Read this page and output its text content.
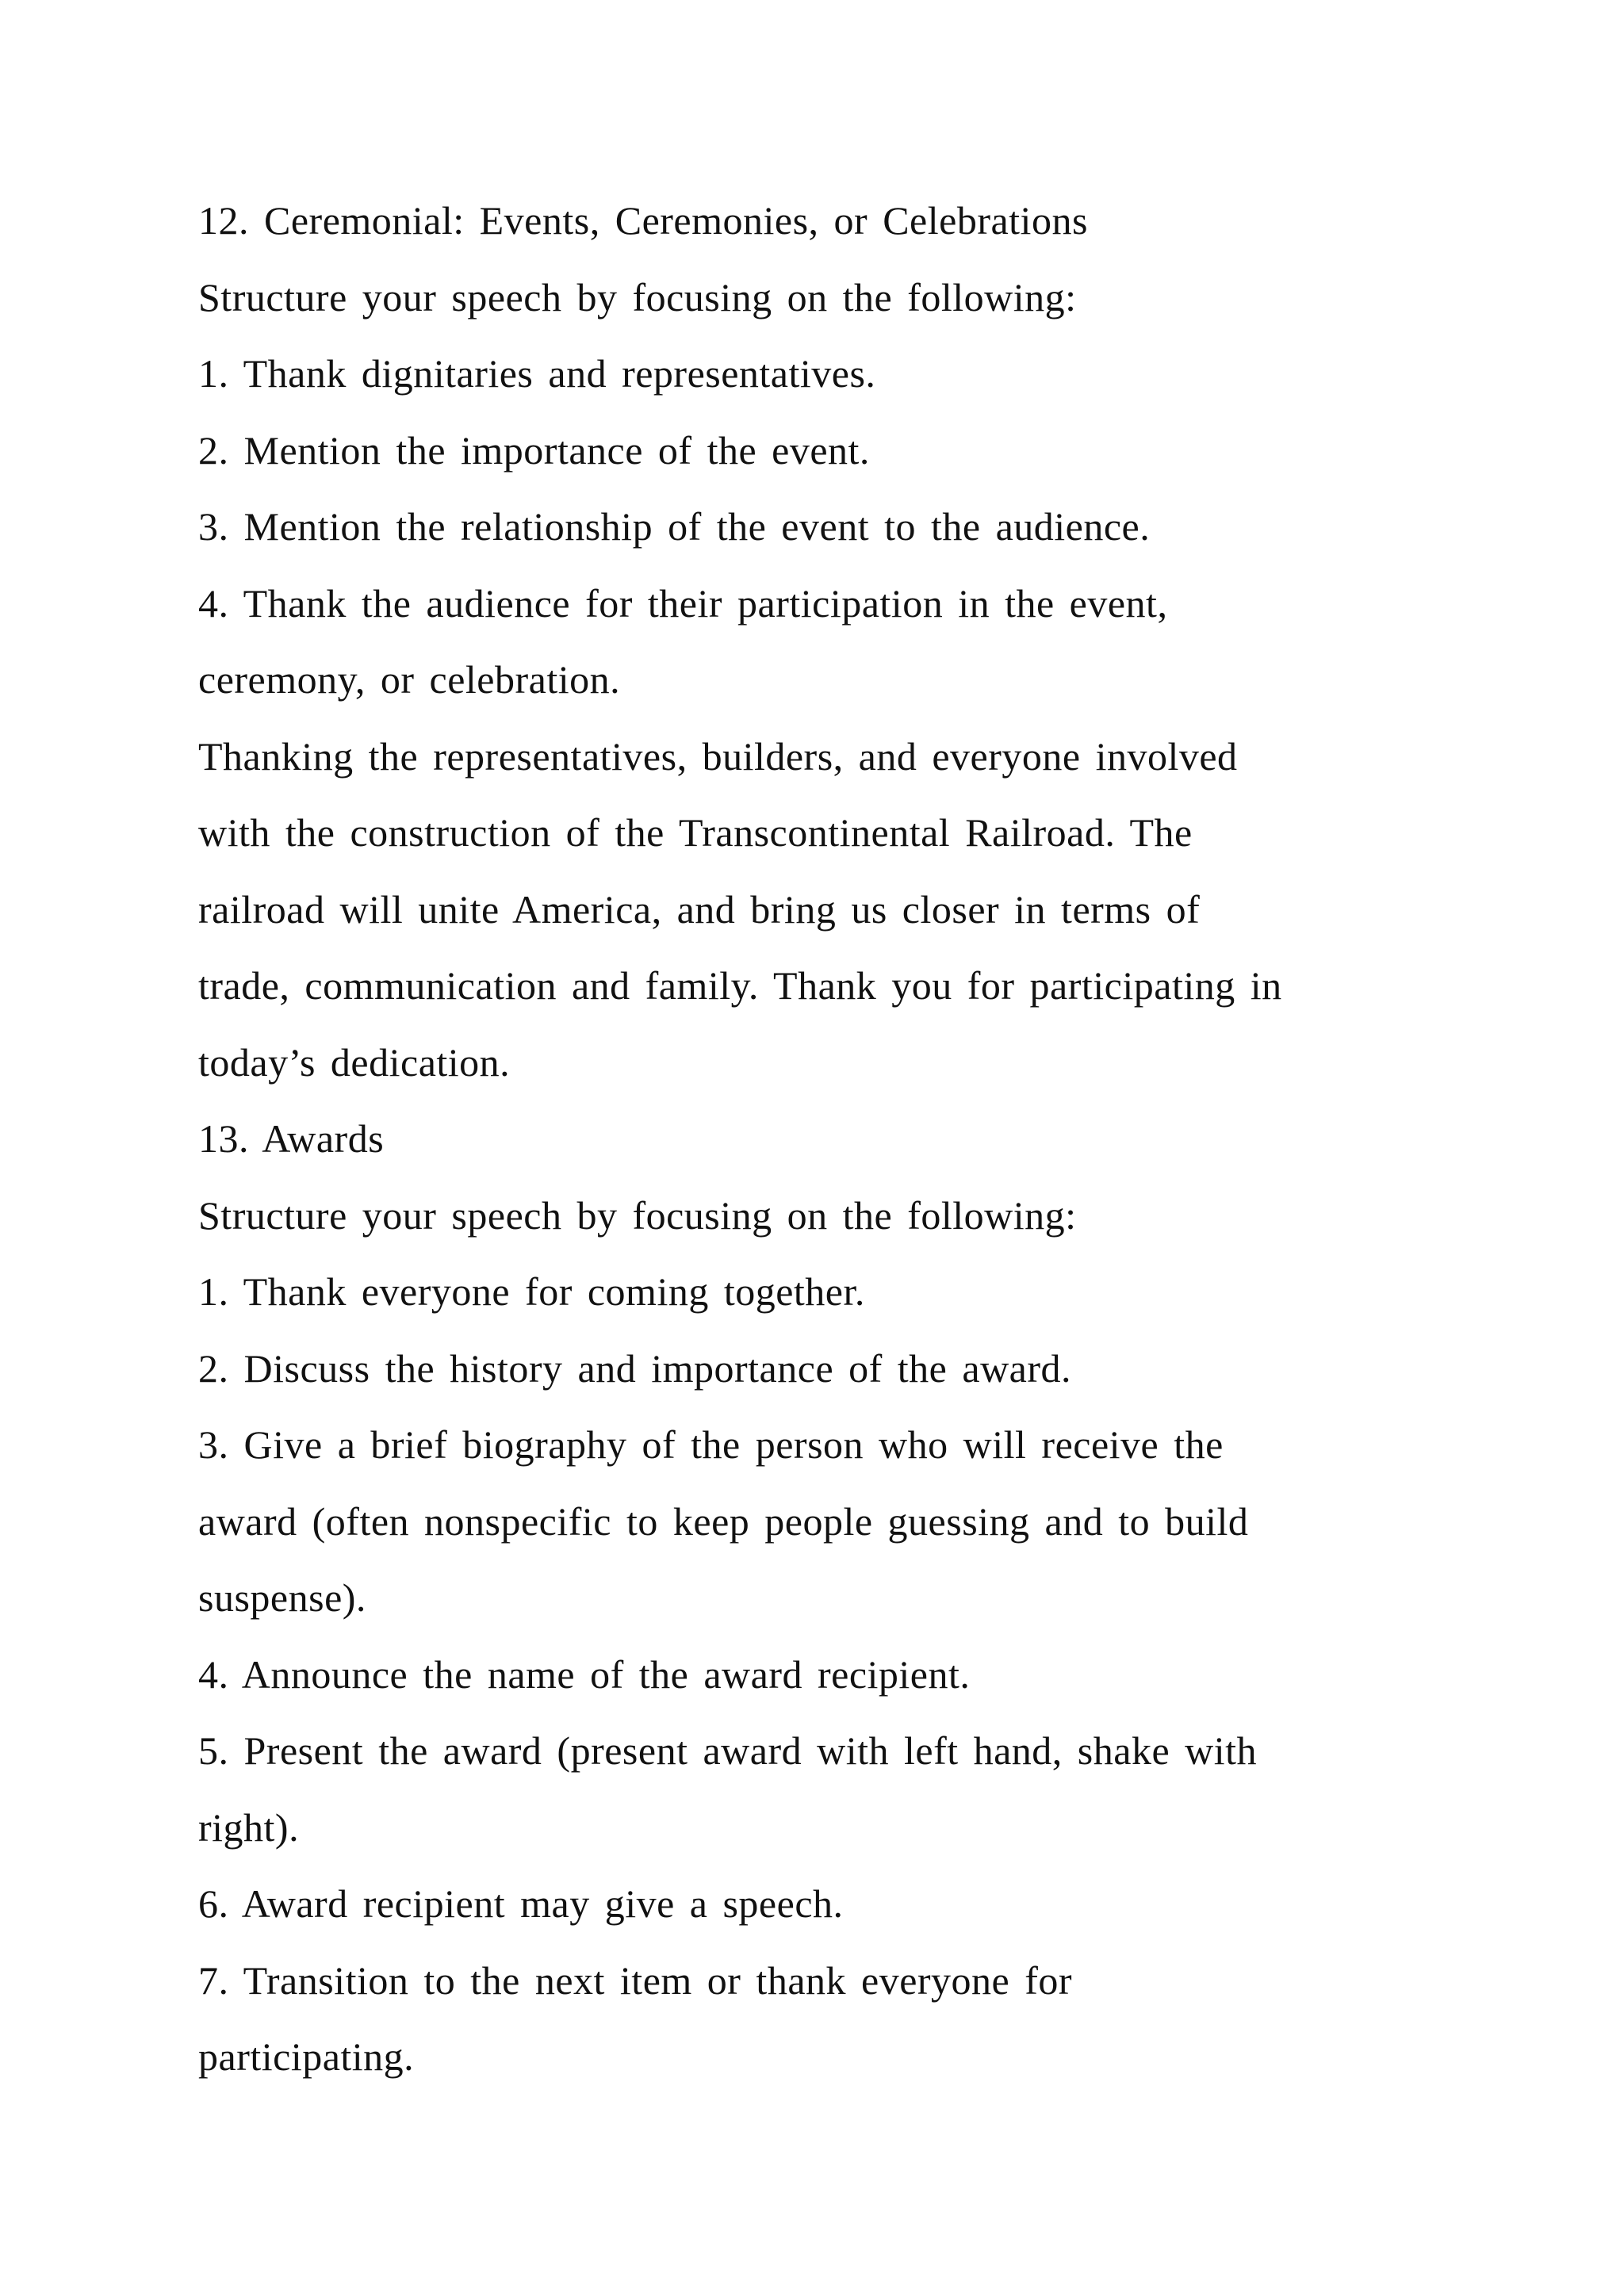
12. Ceremonial: Events, Ceremonies, or Celebrations

Structure your speech by focusing on the following:

1. Thank dignitaries and representatives.

2. Mention the importance of the event.

3. Mention the relationship of the event to the audience.

4. Thank the audience for their participation in the event,

ceremony, or celebration.

Thanking the representatives, builders, and everyone involved

with the construction of the Transcontinental Railroad. The

railroad will unite America, and bring us closer in terms of

trade, communication and family. Thank you for participating in

today’s dedication.

13. Awards

Structure your speech by focusing on the following:

1. Thank everyone for coming together.

2. Discuss the history and importance of the award.

3. Give a brief biography of the person who will receive the

award (often nonspecific to keep people guessing and to build

suspense).

4. Announce the name of the award recipient.

5. Present the award (present award with left hand, shake with

right).

6. Award recipient may give a speech.

7. Transition to the next item or thank everyone for

participating.
